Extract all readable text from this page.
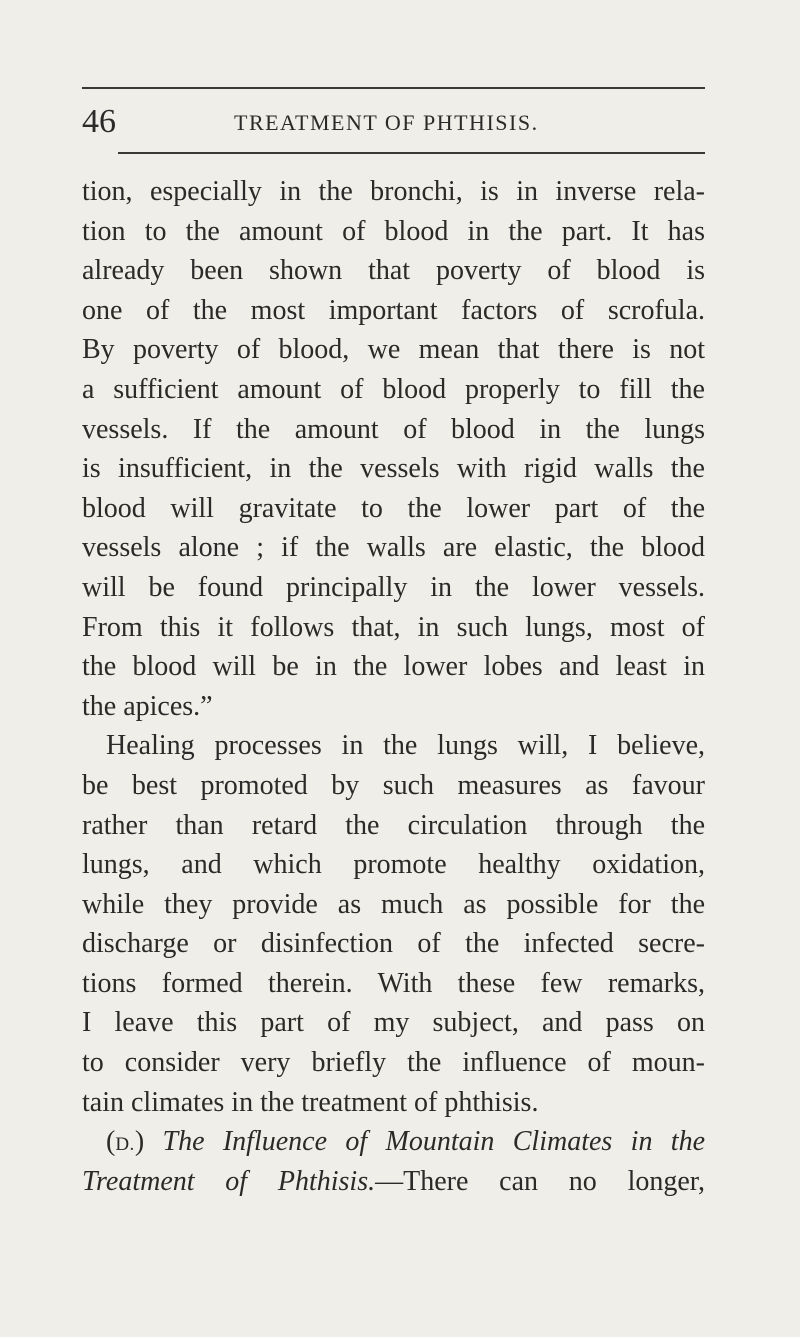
46	TREATMENT OF PHTHISIS.
tion, especially in the bronchi, is in inverse rela-
tion to the amount of blood in the part. It has
already been shown that poverty of blood is
one of the most important factors of scrofula.
By poverty of blood, we mean that there is not
a sufficient amount of blood properly to fill the
vessels. If the amount of blood in the lungs
is insufficient, in the vessels with rigid walls the
blood will gravitate to the lower part of the
vessels alone ; if the walls are elastic, the blood
will be found principally in the lower vessels.
From this it follows that, in such lungs, most of
the blood will be in the lower lobes and least in
the apices.”
Healing processes in the lungs will, I believe,
be best promoted by such measures as favour
rather than retard the circulation through the
lungs, and which promote healthy oxidation,
while they provide as much as possible for the
discharge or disinfection of the infected secre-
tions formed therein. With these few remarks,
I leave this part of my subject, and pass on
to consider very briefly the influence of moun-
tain climates in the treatment of phthisis.
(D.) The Influence of Mountain Climates in the
Treatment of Phthisis.—There can no longer,
